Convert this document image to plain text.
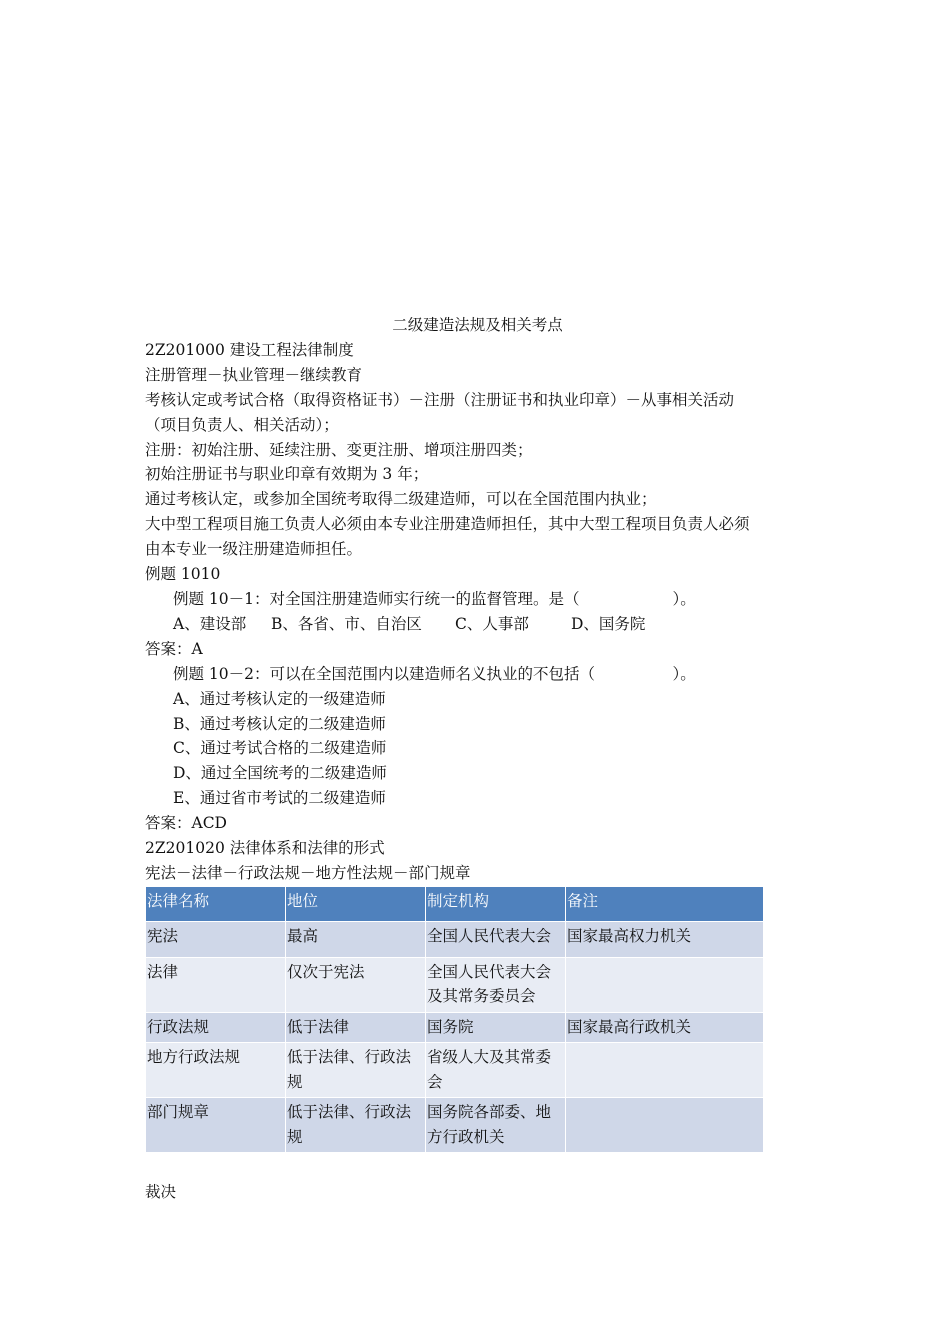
二级建造法规及相关考点
2Z201000 建设工程法律制度
注册管理－执业管理－继续教育
考核认定或考试合格（取得资格证书）－注册（注册证书和执业印章）－从事相关活动
（项目负责人、相关活动）；
注册：初始注册、延续注册、变更注册、增项注册四类；
初始注册证书与职业印章有效期为 3 年；
通过考核认定，或参加全国统考取得二级建造师，可以在全国范围内执业；
大中型工程项目施工负责人必须由本专业注册建造师担任，其中大型工程项目负责人必须
由本专业一级注册建造师担任。
例题 1010
例题 10－1：对全国注册建造师实行统一的监督管理。是（　　　　　　）。
A、建设部 B、各省、市、自治区 C、人事部	D、国务院
答案：A
例题 10－2：可以在全国范围内以建造师名义执业的不包括（　　　　　）。
A、通过考核认定的一级建造师
B、通过考核认定的二级建造师
C、通过考试合格的二级建造师
D、通过全国统考的二级建造师
E、通过省市考试的二级建造师
答案：ACD
2Z201020 法律体系和法律的形式
宪法－法律－行政法规－地方性法规－部门规章
法律名称	地位	制定机构	备注
宪法	最高	全国人民代表大会	国家最高权力机关
法律	仅次于宪法	全国人民代表大会及其常务委员会	
行政法规	低于法律	国务院	国家最高行政机关
地方行政法规	低于法律、行政法规	省级人大及其常委会	
部门规章	低于法律、行政法规	国务院各部委、地方行政机关	
裁决
